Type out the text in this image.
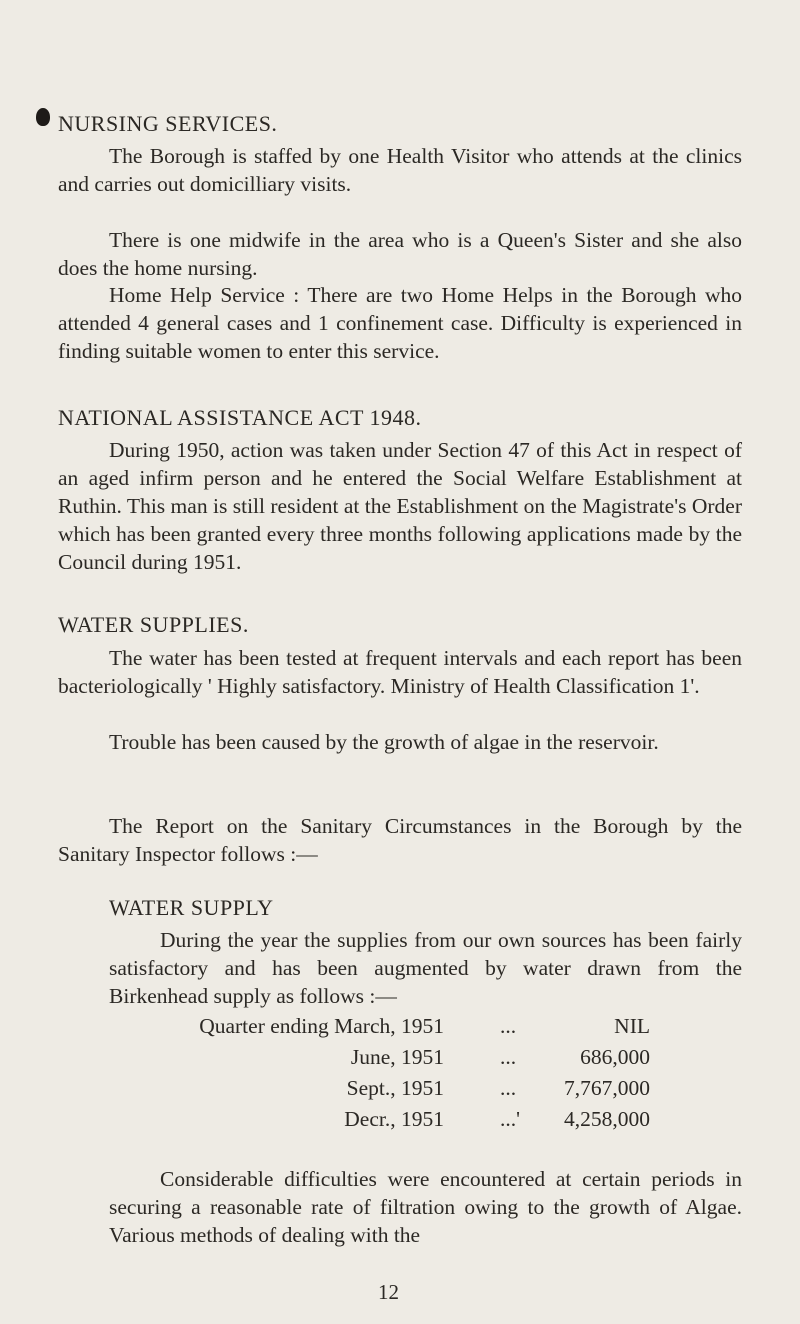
NURSING SERVICES.

The Borough is staffed by one Health Visitor who attends at the clinics and carries out domicilliary visits.

There is one midwife in the area who is a Queen's Sister and she also does the home nursing.

Home Help Service : There are two Home Helps in the Borough who attended 4 general cases and 1 confinement case. Difficulty is experienced in finding suitable women to enter this service.

NATIONAL ASSISTANCE ACT 1948.

During 1950, action was taken under Section 47 of this Act in respect of an aged infirm person and he entered the Social Welfare Establishment at Ruthin. This man is still resident at the Establishment on the Magistrate's Order which has been granted every three months following applications made by the Council during 1951.

WATER SUPPLIES.

The water has been tested at frequent intervals and each report has been bacteriologically ' Highly satisfactory. Ministry of Health Classification 1'.

Trouble has been caused by the growth of algae in the reservoir.

The Report on the Sanitary Circumstances in the Borough by the Sanitary Inspector follows :—

WATER SUPPLY

During the year the supplies from our own sources has been fairly satisfactory and has been augmented by water drawn from the Birkenhead supply as follows :—

Quarter ending March, 1951	...	NIL
June, 1951	...	686,000
Sept., 1951	...	7,767,000
Decr., 1951	...'	4,258,000

Considerable difficulties were encountered at certain periods in securing a reasonable rate of filtration owing to the growth of Algae. Various methods of dealing with the

12
